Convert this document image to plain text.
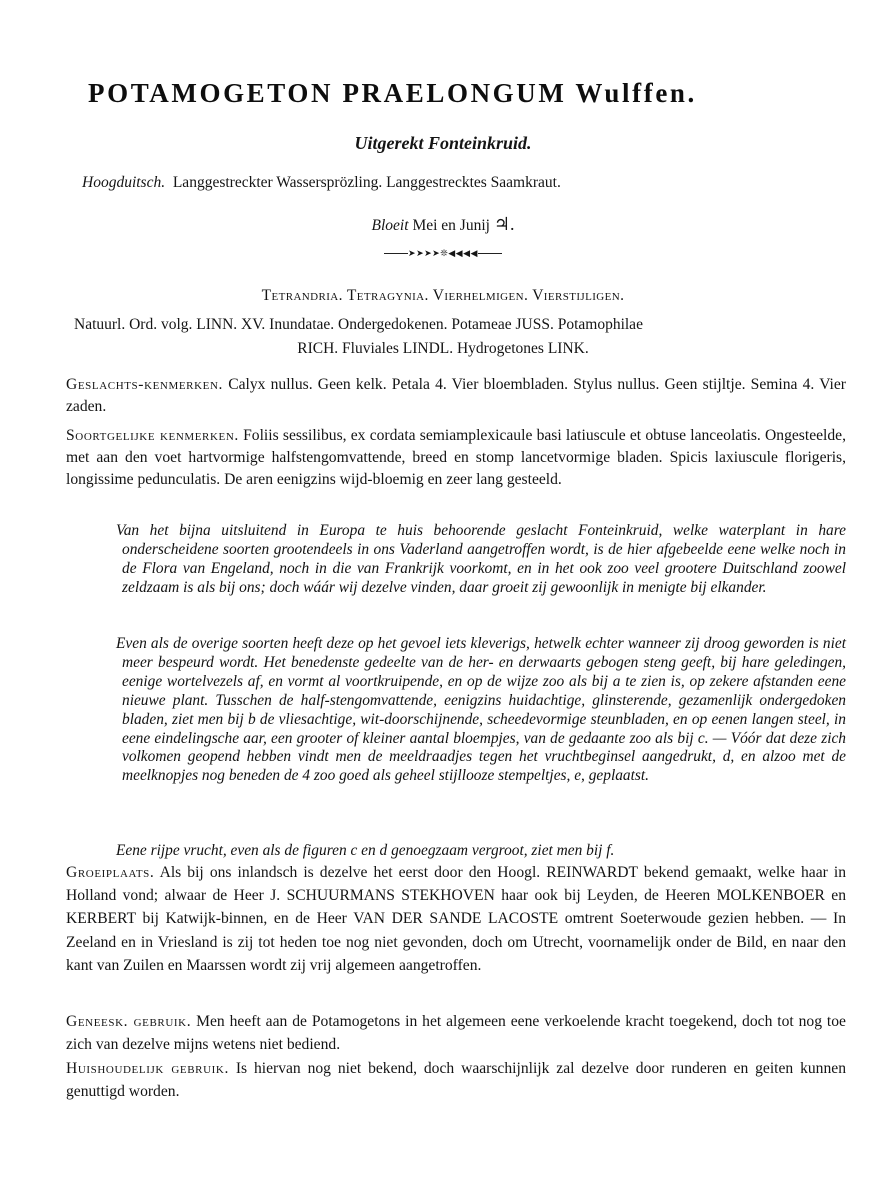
POTAMOGETON PRAELONGUM Wulffen.
Uitgerekt Fonteinkruid.
Hoogduitsch. Langgestreckter Wassersprözling. Langgestrecktes Saamkraut.
Bloeit Mei en Junij ♃.
➤➤➤➤❊◀◀◀◀
Tetrandria. Tetragynia. Vierhelmigen. Vierstijligen.
Natuurl. Ord. volg. LINN. XV. Inundatae. Ondergedokenen. Potameae JUSS. Potamophilae
RICH. Fluviales LINDL. Hydrogetones LINK.

Geslachts-kenmerken. Calyx nullus. Geen kelk. Petala 4. Vier bloembladen. Stylus nullus. Geen stijltje. Semina 4. Vier zaden.

Soortgelijke kenmerken. Foliis sessilibus, ex cordata semiamplexicaule basi latiuscule et obtuse lanceolatis. Ongesteelde, met aan den voet hartvormige halfstengomvattende, breed en stomp lancetvormige bladen. Spicis laxiuscule florigeris, longissime pedunculatis. De aren eenigzins wijd-bloemig en zeer lang gesteeld.

Van het bijna uitsluitend in Europa te huis behoorende geslacht Fonteinkruid, welke waterplant in hare onderscheidene soorten grootendeels in ons Vaderland aangetroffen wordt, is de hier afgebeelde eene welke noch in de Flora van Engeland, noch in die van Frankrijk voorkomt, en in het ook zoo veel grootere Duitschland zoowel zeldzaam is als bij ons; doch wáár wij dezelve vinden, daar groeit zij gewoonlijk in menigte bij elkander.

Even als de overige soorten heeft deze op het gevoel iets kleverigs, hetwelk echter wanneer zij droog geworden is niet meer bespeurd wordt. Het benedenste gedeelte van de her- en derwaarts gebogen steng geeft, bij hare geledingen, eenige wortelvezels af, en vormt al voortkruipende, en op de wijze zoo als bij a te zien is, op zekere afstanden eene nieuwe plant. Tusschen de half-stengomvattende, eenigzins huidachtige, glinsterende, gezamenlijk ondergedoken bladen, ziet men bij b de vliesachtige, wit-doorschijnende, scheedevormige steunbladen, en op eenen langen steel, in eene eindelingsche aar, een grooter of kleiner aantal bloempjes, van de gedaante zoo als bij c. — Vóór dat deze zich volkomen geopend hebben vindt men de meeldraadjes tegen het vruchtbeginsel aangedrukt, d, en alzoo met de meelknopjes nog beneden de 4 zoo goed als geheel stijllooze stempeltjes, e, geplaatst.

Eene rijpe vrucht, even als de figuren c en d genoegzaam vergroot, ziet men bij f.

Groeiplaats. Als bij ons inlandsch is dezelve het eerst door den Hoogl. REINWARDT bekend gemaakt, welke haar in Holland vond; alwaar de Heer J. SCHUURMANS STEKHOVEN haar ook bij Leyden, de Heeren MOLKENBOER en KERBERT bij Katwijk-binnen, en de Heer VAN DER SANDE LACOSTE omtrent Soeterwoude gezien hebben. — In Zeeland en in Vriesland is zij tot heden toe nog niet gevonden, doch om Utrecht, voornamelijk onder de Bild, en naar den kant van Zuilen en Maarssen wordt zij vrij algemeen aangetroffen.

Geneesk. gebruik. Men heeft aan de Potamogetons in het algemeen eene verkoelende kracht toegekend, doch tot nog toe zich van dezelve mijns wetens niet bediend.

Huishoudelijk gebruik. Is hiervan nog niet bekend, doch waarschijnlijk zal dezelve door runderen en geiten kunnen genuttigd worden.
